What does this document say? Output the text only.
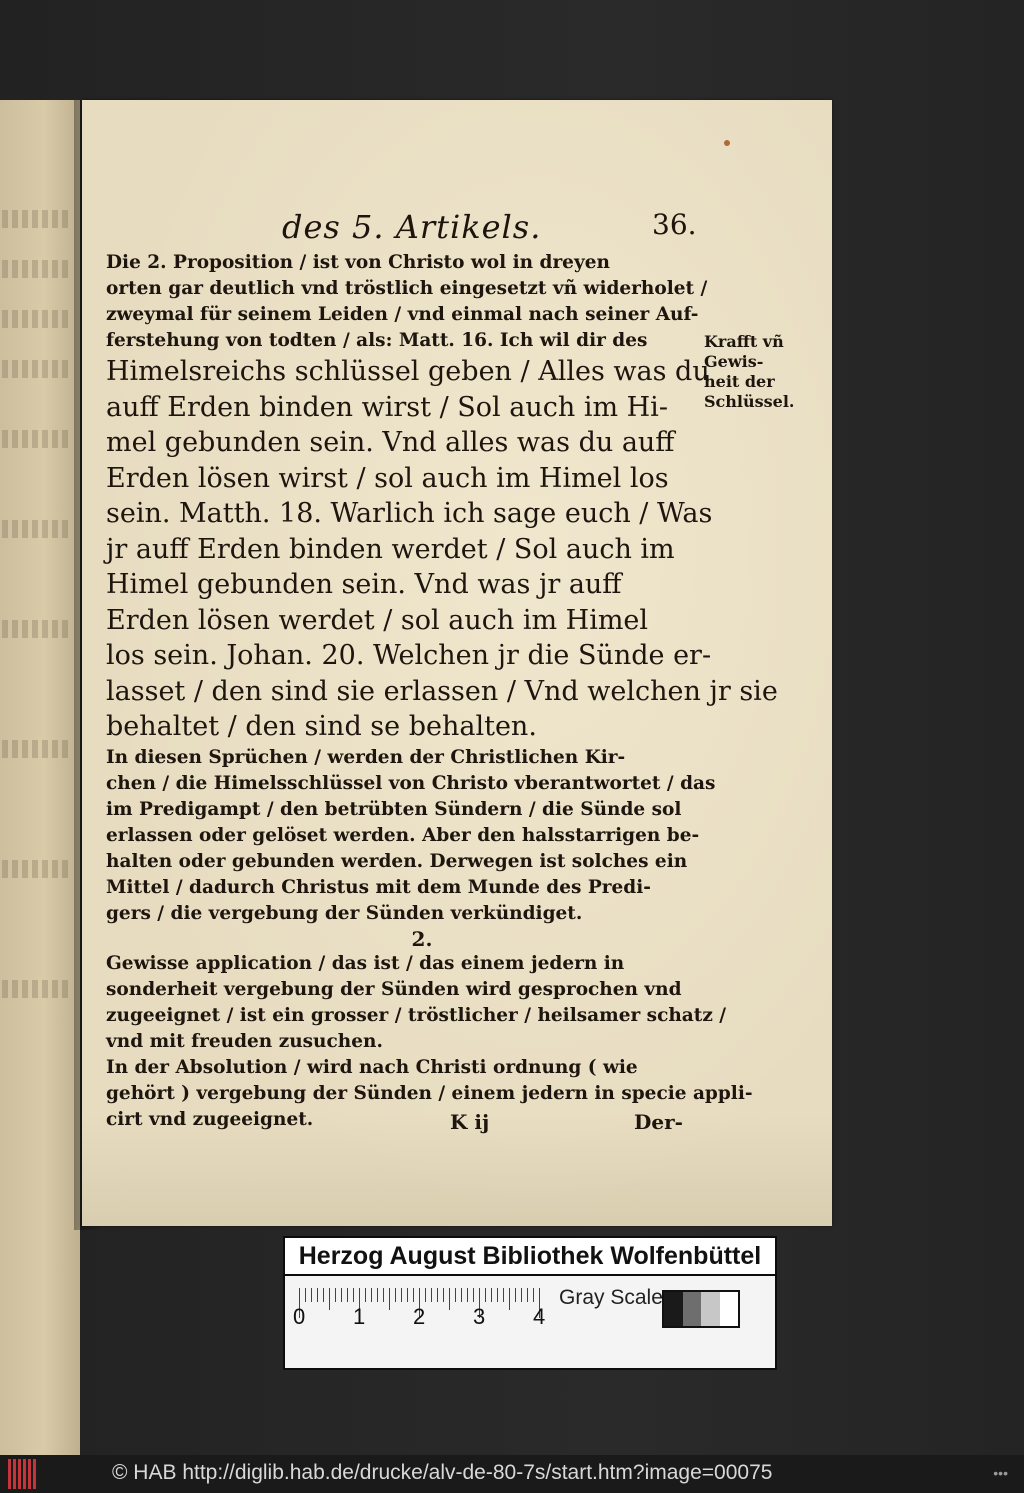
des 5. Artikels.	36.
Die 2. Proposition / ist von Christo wol in dreyen
orten gar deutlich vnd tröstlich eingesetzt vñ widerholet /
zweymal für seinem Leiden / vnd einmal nach seiner Auf-
ferstehung von todten / als: Matt. 16. Ich wil dir des
Himelsreichs schlüssel geben / Alles was du
auff Erden binden wirst / Sol auch im Hi-
mel gebunden sein. Vnd alles was du auff
Erden lösen wirst / sol auch im Himel los
sein. Matth. 18. Warlich ich sage euch / Was
jr auff Erden binden werdet / Sol auch im
Himel gebunden sein. Vnd was jr auff
Erden lösen werdet / sol auch im Himel
los sein. Johan. 20. Welchen jr die Sünde er-
lasset / den sind sie erlassen / Vnd welchen jr sie
behaltet / den sind se behalten.
In diesen Sprüchen / werden der Christlichen Kir-
chen / die Himelsschlüssel von Christo vberantwortet / das
im Predigampt / den betrübten Sündern / die Sünde sol
erlassen oder gelöset werden. Aber den halsstarrigen be-
halten oder gebunden werden. Derwegen ist solches ein
Mittel / dadurch Christus mit dem Munde des Predi-
gers / die vergebung der Sünden verkündiget.
2.
Gewisse application / das ist / das einem jedern in
sonderheit vergebung der Sünden wird gesprochen vnd
zugeeignet / ist ein grosser / tröstlicher / heilsamer schatz /
vnd mit freuden zusuchen.
In der Absolution / wird nach Christi ordnung ( wie
gehört ) vergebung der Sünden / einem jedern in specie appli-
cirt vnd zugeeignet.
Krafft vñ
Gewis-
heit der
Schlüssel.
K ij	Der-
Herzog August Bibliothek Wolfenbüttel
Gray Scale
0 1 2 3 4
© HAB http://diglib.hab.de/drucke/alv-de-80-7s/start.htm?image=00075	•••
